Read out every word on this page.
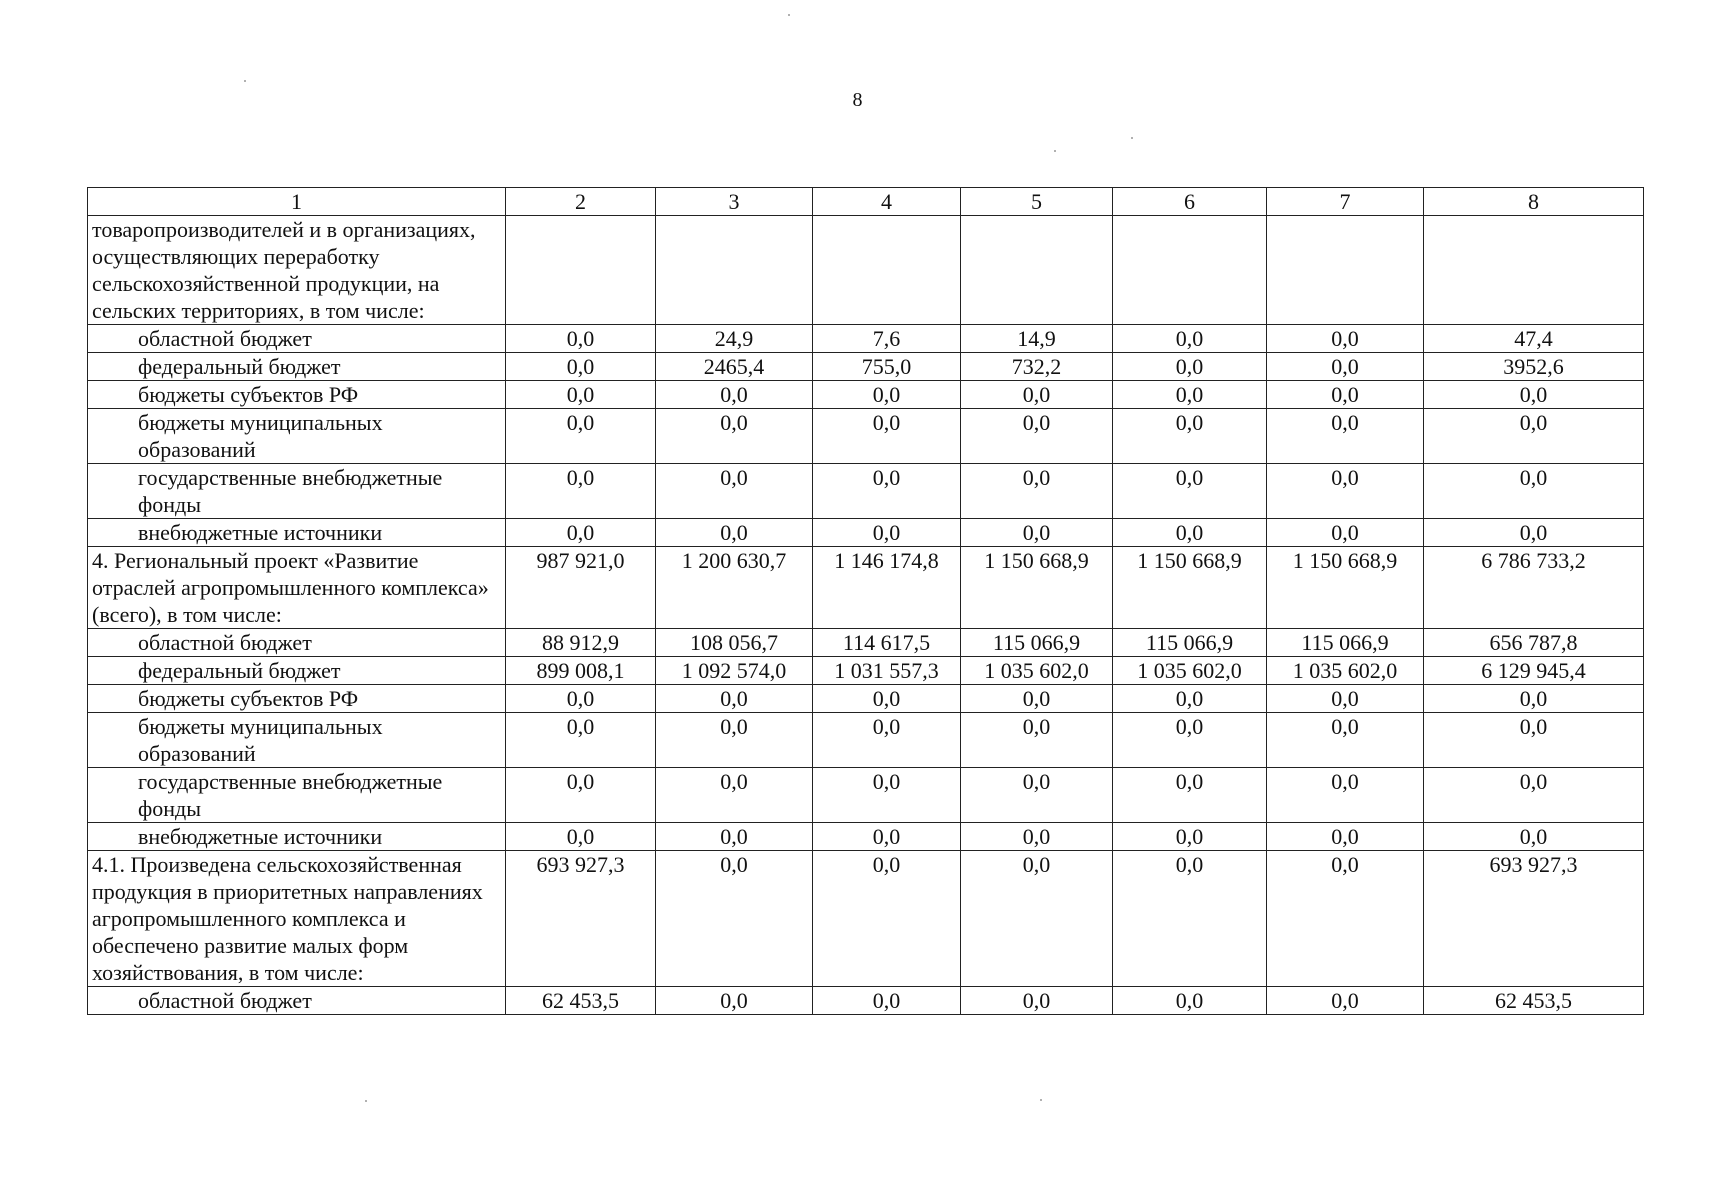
8
1	2	3	4	5	6	7	8
товаропроизводителей и в организациях, осуществляющих переработку сельскохозяйственной продукции, на сельских территориях, в том числе:							
областной бюджет	0,0	24,9	7,6	14,9	0,0	0,0	47,4
федеральный бюджет	0,0	2465,4	755,0	732,2	0,0	0,0	3952,6
бюджеты субъектов РФ	0,0	0,0	0,0	0,0	0,0	0,0	0,0
бюджеты муниципальных образований	0,0	0,0	0,0	0,0	0,0	0,0	0,0
государственные внебюджетные фонды	0,0	0,0	0,0	0,0	0,0	0,0	0,0
внебюджетные источники	0,0	0,0	0,0	0,0	0,0	0,0	0,0
4. Региональный проект «Развитие отраслей агропромышленного комплекса» (всего), в том числе:	987 921,0	1 200 630,7	1 146 174,8	1 150 668,9	1 150 668,9	1 150 668,9	6 786 733,2
областной бюджет	88 912,9	108 056,7	114 617,5	115 066,9	115 066,9	115 066,9	656 787,8
федеральный бюджет	899 008,1	1 092 574,0	1 031 557,3	1 035 602,0	1 035 602,0	1 035 602,0	6 129 945,4
бюджеты субъектов РФ	0,0	0,0	0,0	0,0	0,0	0,0	0,0
бюджеты муниципальных образований	0,0	0,0	0,0	0,0	0,0	0,0	0,0
государственные внебюджетные фонды	0,0	0,0	0,0	0,0	0,0	0,0	0,0
внебюджетные источники	0,0	0,0	0,0	0,0	0,0	0,0	0,0
4.1. Произведена сельскохозяйственная продукция в приоритетных направлениях агропромышленного комплекса и обеспечено развитие малых форм хозяйствования, в том числе:	693 927,3	0,0	0,0	0,0	0,0	0,0	693 927,3
областной бюджет	62 453,5	0,0	0,0	0,0	0,0	0,0	62 453,5
